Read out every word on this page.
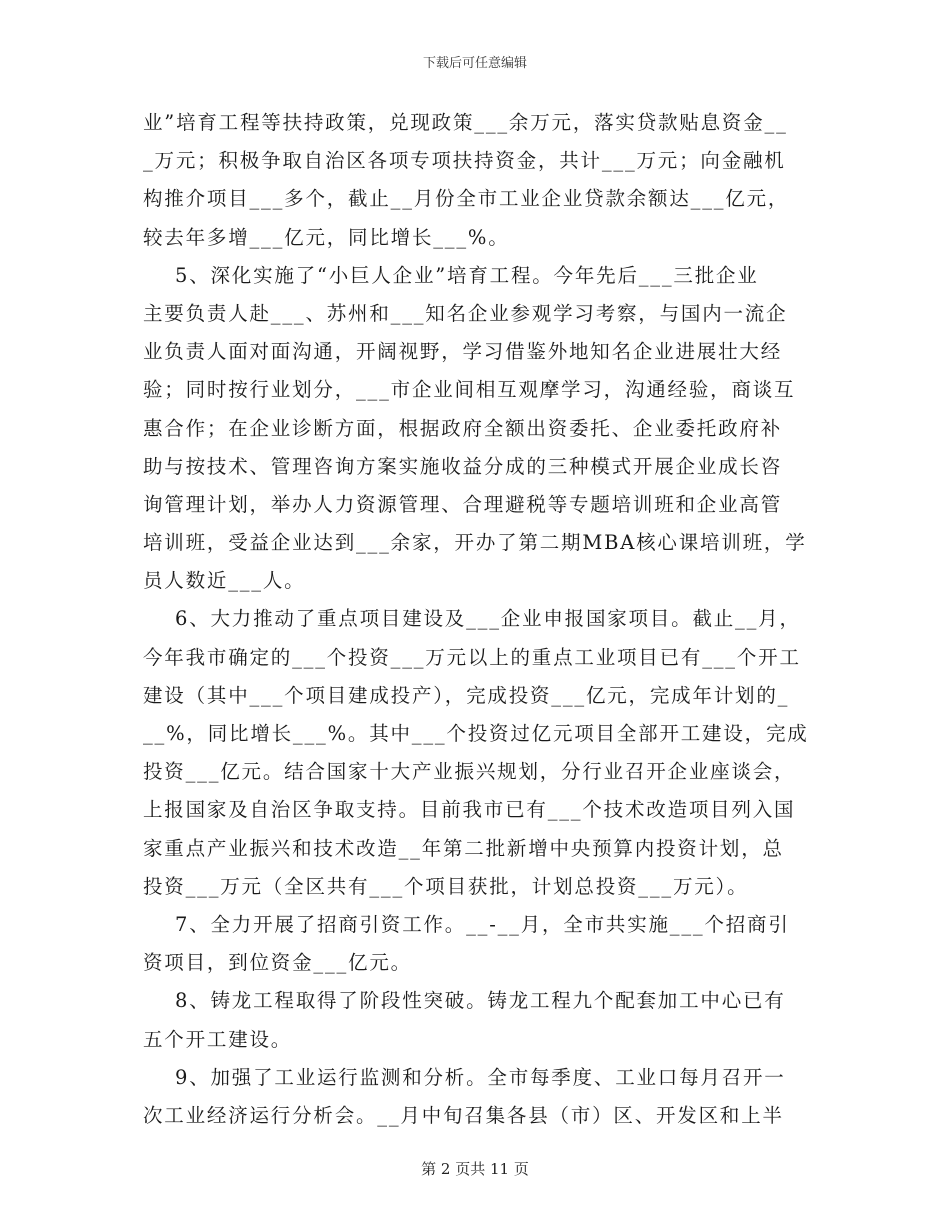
下载后可任意编辑
业”培育工程等扶持政策，兑现政策___余万元，落实贷款贴息资金__
_万元；积极争取自治区各项专项扶持资金，共计___万元；向金融机
构推介项目___多个，截止__月份全市工业企业贷款余额达___亿元，
较去年多增___亿元，同比增长___%。
5、深化实施了“小巨人企业”培育工程。今年先后___三批企业
主要负责人赴___、苏州和___知名企业参观学习考察，与国内一流企
业负责人面对面沟通，开阔视野，学习借鉴外地知名企业进展壮大经
验；同时按行业划分，___市企业间相互观摩学习，沟通经验，商谈互
惠合作；在企业诊断方面，根据政府全额出资委托、企业委托政府补
助与按技术、管理咨询方案实施收益分成的三种模式开展企业成长咨
询管理计划，举办人力资源管理、合理避税等专题培训班和企业高管
培训班，受益企业达到___余家，开办了第二期MBA核心课培训班，学
员人数近___人。
6、大力推动了重点项目建设及___企业申报国家项目。截止__月，
今年我市确定的___个投资___万元以上的重点工业项目已有___个开工
建设（其中___个项目建成投产），完成投资___亿元，完成年计划的_
__%，同比增长___%。其中___个投资过亿元项目全部开工建设，完成
投资___亿元。结合国家十大产业振兴规划，分行业召开企业座谈会，
上报国家及自治区争取支持。目前我市已有___个技术改造项目列入国
家重点产业振兴和技术改造__年第二批新增中央预算内投资计划，总
投资___万元（全区共有___个项目获批，计划总投资___万元）。
7、全力开展了招商引资工作。__-__月，全市共实施___个招商引
资项目，到位资金___亿元。
8、铸龙工程取得了阶段性突破。铸龙工程九个配套加工中心已有
五个开工建设。
9、加强了工业运行监测和分析。全市每季度、工业口每月召开一
次工业经济运行分析会。__月中旬召集各县（市）区、开发区和上半
第 2 页共 11 页
